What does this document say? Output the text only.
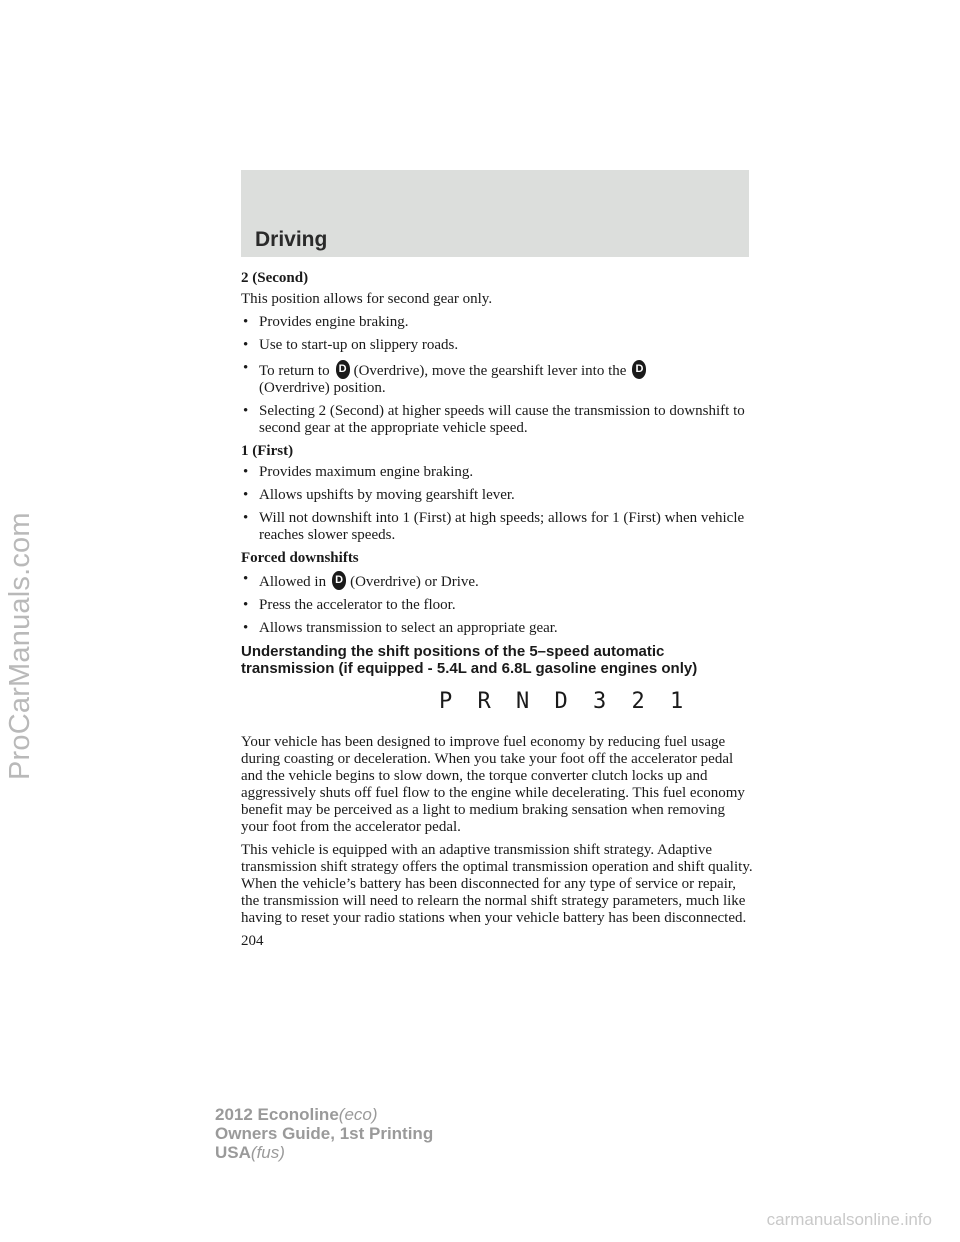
ProCarManuals.com
Driving
2 (Second)
This position allows for second gear only.
• Provides engine braking.
• Use to start-up on slippery roads.
• To return to D (Overdrive), move the gearshift lever into theD
(Overdrive) position.
• Selecting 2 (Second) at higher speeds will cause the transmission to downshift to second gear at the appropriate vehicle speed.
1 (First)
• Provides maximum engine braking.
• Allows upshifts by moving gearshift lever.
• Will not downshift into 1 (First) at high speeds; allows for 1 (First) when vehicle reaches slower speeds.
Forced downshifts
• Allowed in D (Overdrive) or Drive.
• Press the accelerator to the floor.
• Allows transmission to select an appropriate gear.
Understanding the shift positions of the 5–speed automatic transmission (if equipped - 5.4L and 6.8L gasoline engines only)
P R N D 3 2 1
Your vehicle has been designed to improve fuel economy by reducing fuel usage during coasting or deceleration. When you take your foot off the accelerator pedal and the vehicle begins to slow down, the torque converter clutch locks up and aggressively shuts off fuel flow to the engine while decelerating. This fuel economy benefit may be perceived as a light to medium braking sensation when removing your foot from the accelerator pedal.
This vehicle is equipped with an adaptive transmission shift strategy. Adaptive transmission shift strategy offers the optimal transmission operation and shift quality. When the vehicle’s battery has been disconnected for any type of service or repair, the transmission will need to relearn the normal shift strategy parameters, much like having to reset your radio stations when your vehicle battery has been disconnected.
204
2012 Econoline(eco)
Owners Guide, 1st Printing
USA(fus)
carmanualsonline.info
